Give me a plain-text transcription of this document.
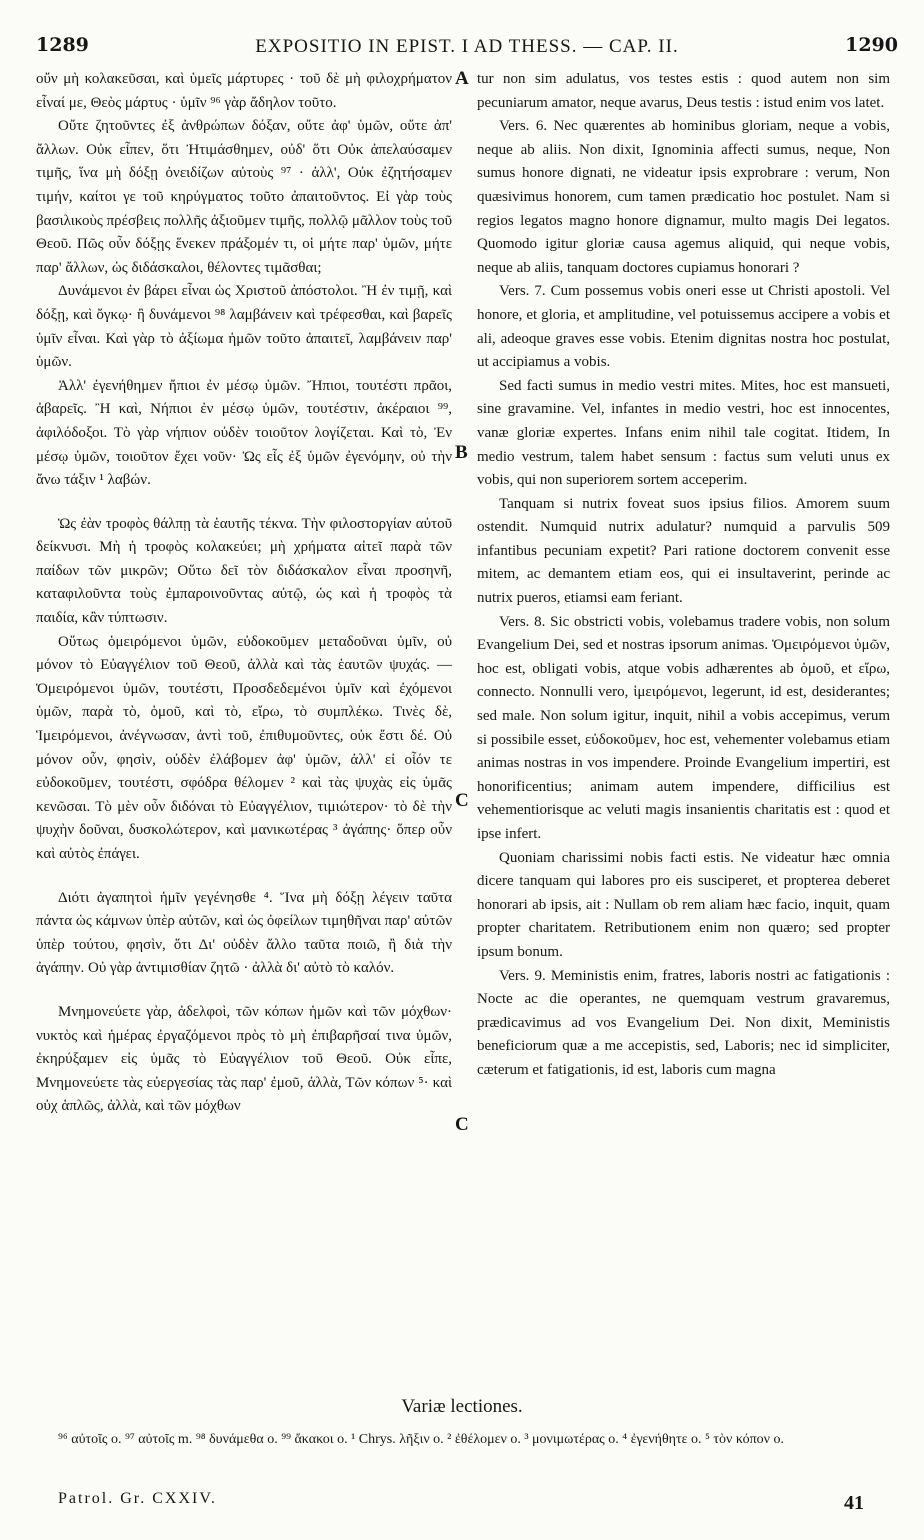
1289	EXPOSITIO IN EPIST. I AD THESS. — CAP. II.	1290
A
B
C
C

οὔν μὴ κολακεῦσαι, καὶ ὑμεῖς μάρτυρες · τοῦ δὲ μὴ φιλοχρήματον εἶναί με, Θεὸς μάρτυς · ὑμῖν ⁹⁶ γὰρ ἄδηλον τοῦτο.

Οὔτε ζητοῦντες ἐξ ἀνθρώπων δόξαν, οὔτε ἀφ' ὑμῶν, οὔτε ἀπ' ἄλλων. Οὐκ εἶπεν, ὅτι Ἠτιμάσθημεν, οὐδ' ὅτι Οὐκ ἀπελαύσαμεν τιμῆς, ἵνα μὴ δόξῃ ὀνειδίζων αὐτοὺς ⁹⁷ · ἀλλ', Οὐκ ἐζητήσαμεν τιμήν, καίτοι γε τοῦ κηρύγματος τοῦτο ἀπαιτοῦντος. Εἰ γὰρ τοὺς βασιλικοὺς πρέσβεις πολλῆς ἀξιοῦμεν τιμῆς, πολλῷ μᾶλλον τοὺς τοῦ Θεοῦ. Πῶς οὖν δόξῃς ἕνεκεν πράξομέν τι, οἱ μήτε παρ' ὑμῶν, μήτε παρ' ἄλλων, ὡς διδάσκαλοι, θέλοντες τιμᾶσθαι;

Δυνάμενοι ἐν βάρει εἶναι ὡς Χριστοῦ ἀπόστολοι. Ἢ ἐν τιμῇ, καὶ δόξῃ, καὶ ὄγκῳ· ἢ δυνάμενοι ⁹⁸ λαμβάνειν καὶ τρέφεσθαι, καὶ βαρεῖς ὑμῖν εἶναι. Καὶ γὰρ τὸ ἀξίωμα ἡμῶν τοῦτο ἀπαιτεῖ, λαμβάνειν παρ' ὑμῶν.

Ἀλλ' ἐγενήθημεν ἤπιοι ἐν μέσῳ ὑμῶν. Ἤπιοι, τουτέστι πρᾶοι, ἀβαρεῖς. Ἢ καὶ, Νήπιοι ἐν μέσῳ ὑμῶν, τουτέστιν, ἀκέραιοι ⁹⁹, ἀφιλόδοξοι. Τὸ γὰρ νήπιον οὐδὲν τοιοῦτον λογίζεται. Καὶ τὸ, Ἐν μέσῳ ὑμῶν, τοιοῦτον ἔχει νοῦν· Ὡς εἷς ἐξ ὑμῶν ἐγενόμην, οὐ τὴν ἄνω τάξιν ¹ λαβών.

Ὡς ἐὰν τροφὸς θάλπῃ τὰ ἑαυτῆς τέκνα. Τὴν φιλοστοργίαν αὐτοῦ δείκνυσι. Μὴ ἡ τροφὸς κολακεύει; μὴ χρήματα αἰτεῖ παρὰ τῶν παίδων τῶν μικρῶν; Οὕτω δεῖ τὸν διδάσκαλον εἶναι προσηνῆ, καταφιλοῦντα τοὺς ἐμπαροινοῦντας αὐτῷ, ὡς καὶ ἡ τροφὸς τὰ παιδία, κἂν τύπτωσιν.

Οὕτως ὁμειρόμενοι ὑμῶν, εὐδοκοῦμεν μεταδοῦναι ὑμῖν, οὐ μόνον τὸ Εὐαγγέλιον τοῦ Θεοῦ, ἀλλὰ καὶ τὰς ἑαυτῶν ψυχάς. — Ὁμειρόμενοι ὑμῶν, τουτέστι, Προσδεδεμένοι ὑμῖν καὶ ἐχόμενοι ὑμῶν, παρὰ τὸ, ὁμοῦ, καὶ τὸ, εἴρω, τὸ συμπλέκω. Τινὲς δὲ, Ἱμειρόμενοι, ἀνέγνωσαν, ἀντὶ τοῦ, ἐπιθυμοῦντες, οὐκ ἔστι δέ. Οὐ μόνον οὖν, φησὶν, οὐδὲν ἐλάβομεν ἀφ' ὑμῶν, ἀλλ' εἰ οἷόν τε εὐδοκοῦμεν, τουτέστι, σφόδρα θέλομεν ² καὶ τὰς ψυχὰς εἰς ὑμᾶς κενῶσαι. Τὸ μὲν οὖν διδόναι τὸ Εὐαγγέλιον, τιμιώτερον· τὸ δὲ τὴν ψυχὴν δοῦναι, δυσκολώτερον, καὶ μανικωτέρας ³ ἀγάπης· ὅπερ οὖν καὶ αὐτὸς ἐπάγει.

Διότι ἀγαπητοὶ ἡμῖν γεγένησθε ⁴. Ἵνα μὴ δόξῃ λέγειν ταῦτα πάντα ὡς κάμνων ὑπὲρ αὐτῶν, καὶ ὡς ὀφείλων τιμηθῆναι παρ' αὐτῶν ὑπὲρ τούτου, φησὶν, ὅτι Δι' οὐδὲν ἄλλο ταῦτα ποιῶ, ἢ διὰ τὴν ἀγάπην. Οὐ γὰρ ἀντιμισθίαν ζητῶ · ἀλλὰ δι' αὐτὸ τὸ καλόν.

Μνημονεύετε γὰρ, ἀδελφοὶ, τῶν κόπων ἡμῶν καὶ τῶν μόχθων· νυκτὸς καὶ ἡμέρας ἐργαζόμενοι πρὸς τὸ μὴ ἐπιβαρῆσαί τινα ὑμῶν, ἐκηρύξαμεν εἰς ὑμᾶς τὸ Εὐαγγέλιον τοῦ Θεοῦ. Οὐκ εἶπε, Μνημονεύετε τὰς εὐεργεσίας τὰς παρ' ἐμοῦ, ἀλλὰ, Τῶν κόπων ⁵· καὶ οὐχ ἁπλῶς, ἀλλὰ, καὶ τῶν μόχθων

tur non sim adulatus, vos testes estis : quod autem non sim pecuniarum amator, neque avarus, Deus testis : istud enim vos latet.

Vers. 6. Nec quærentes ab hominibus gloriam, neque a vobis, neque ab aliis. Non dixit, Ignominia affecti sumus, neque, Non sumus honore dignati, ne videatur ipsis exprobrare : verum, Non quæsivimus honorem, cum tamen prædicatio hoc postulet. Nam si regios legatos magno honore dignamur, multo magis Dei legatos. Quomodo igitur gloriæ causa agemus aliquid, qui neque vobis, neque ab aliis, tanquam doctores cupiamus honorari ?

Vers. 7. Cum possemus vobis oneri esse ut Christi apostoli. Vel honore, et gloria, et amplitudine, vel potuissemus accipere a vobis et ali, adeoque graves esse vobis. Etenim dignitas nostra hoc postulat, ut accipiamus a vobis.

Sed facti sumus in medio vestri mites. Mites, hoc est mansueti, sine gravamine. Vel, infantes in medio vestri, hoc est innocentes, vanæ gloriæ expertes. Infans enim nihil tale cogitat. Itidem, In medio vestrum, talem habet sensum : factus sum veluti unus ex vobis, qui non superiorem sortem acceperim.

Tanquam si nutrix foveat suos ipsius filios. Amorem suum ostendit. Numquid nutrix adulatur? numquid a parvulis 509 infantibus pecuniam expetit? Pari ratione doctorem convenit esse mitem, ac demantem etiam eos, qui ei insultaverint, perinde ac nutrix pueros, etiamsi eam feriant.

Vers. 8. Sic obstricti vobis, volebamus tradere vobis, non solum Evangelium Dei, sed et nostras ipsorum animas. Ὁμειρόμενοι ὑμῶν, hoc est, obligati vobis, atque vobis adhærentes ab ὁμοῦ, et εἴρω, connecto. Nonnulli vero, ἱμειρόμενοι, legerunt, id est, desiderantes; sed male. Non solum igitur, inquit, nihil a vobis accepimus, verum si possibile esset, εὐδοκοῦμεν, hoc est, vehementer volebamus etiam animas nostras in vos impendere. Proinde Evangelium impertiri, est honorificentius; animam autem impendere, difficilius est vehementiorisque ac veluti magis insanientis charitatis est : quod et ipse infert.

Quoniam charissimi nobis facti estis. Ne videatur hæc omnia dicere tanquam qui labores pro eis susciperet, et propterea deberet honorari ab ipsis, ait : Nullam ob rem aliam hæc facio, inquit, quam propter charitatem. Retributionem enim non quæro; sed propter ipsum bonum.

Vers. 9. Meministis enim, fratres, laboris nostri ac fatigationis : Nocte ac die operantes, ne quemquam vestrum gravaremus, prædicavimus ad vos Evangelium Dei. Non dixit, Meministis beneficiorum quæ a me accepistis, sed, Laboris; nec id simpliciter, cæterum et fatigationis, id est, laboris cum magna

Variæ lectiones.
⁹⁶ αὐτοῖς o. ⁹⁷ αὐτοῖς m. ⁹⁸ δυνάμεθα o. ⁹⁹ ἄκακοι o. ¹ Chrys. λῆξιν o. ² ἐθέλομεν o. ³ μονιμωτέρας o. ⁴ ἐγενήθητε o. ⁵ τὸν κόπον o.
Patrol. Gr. CXXIV.	41
